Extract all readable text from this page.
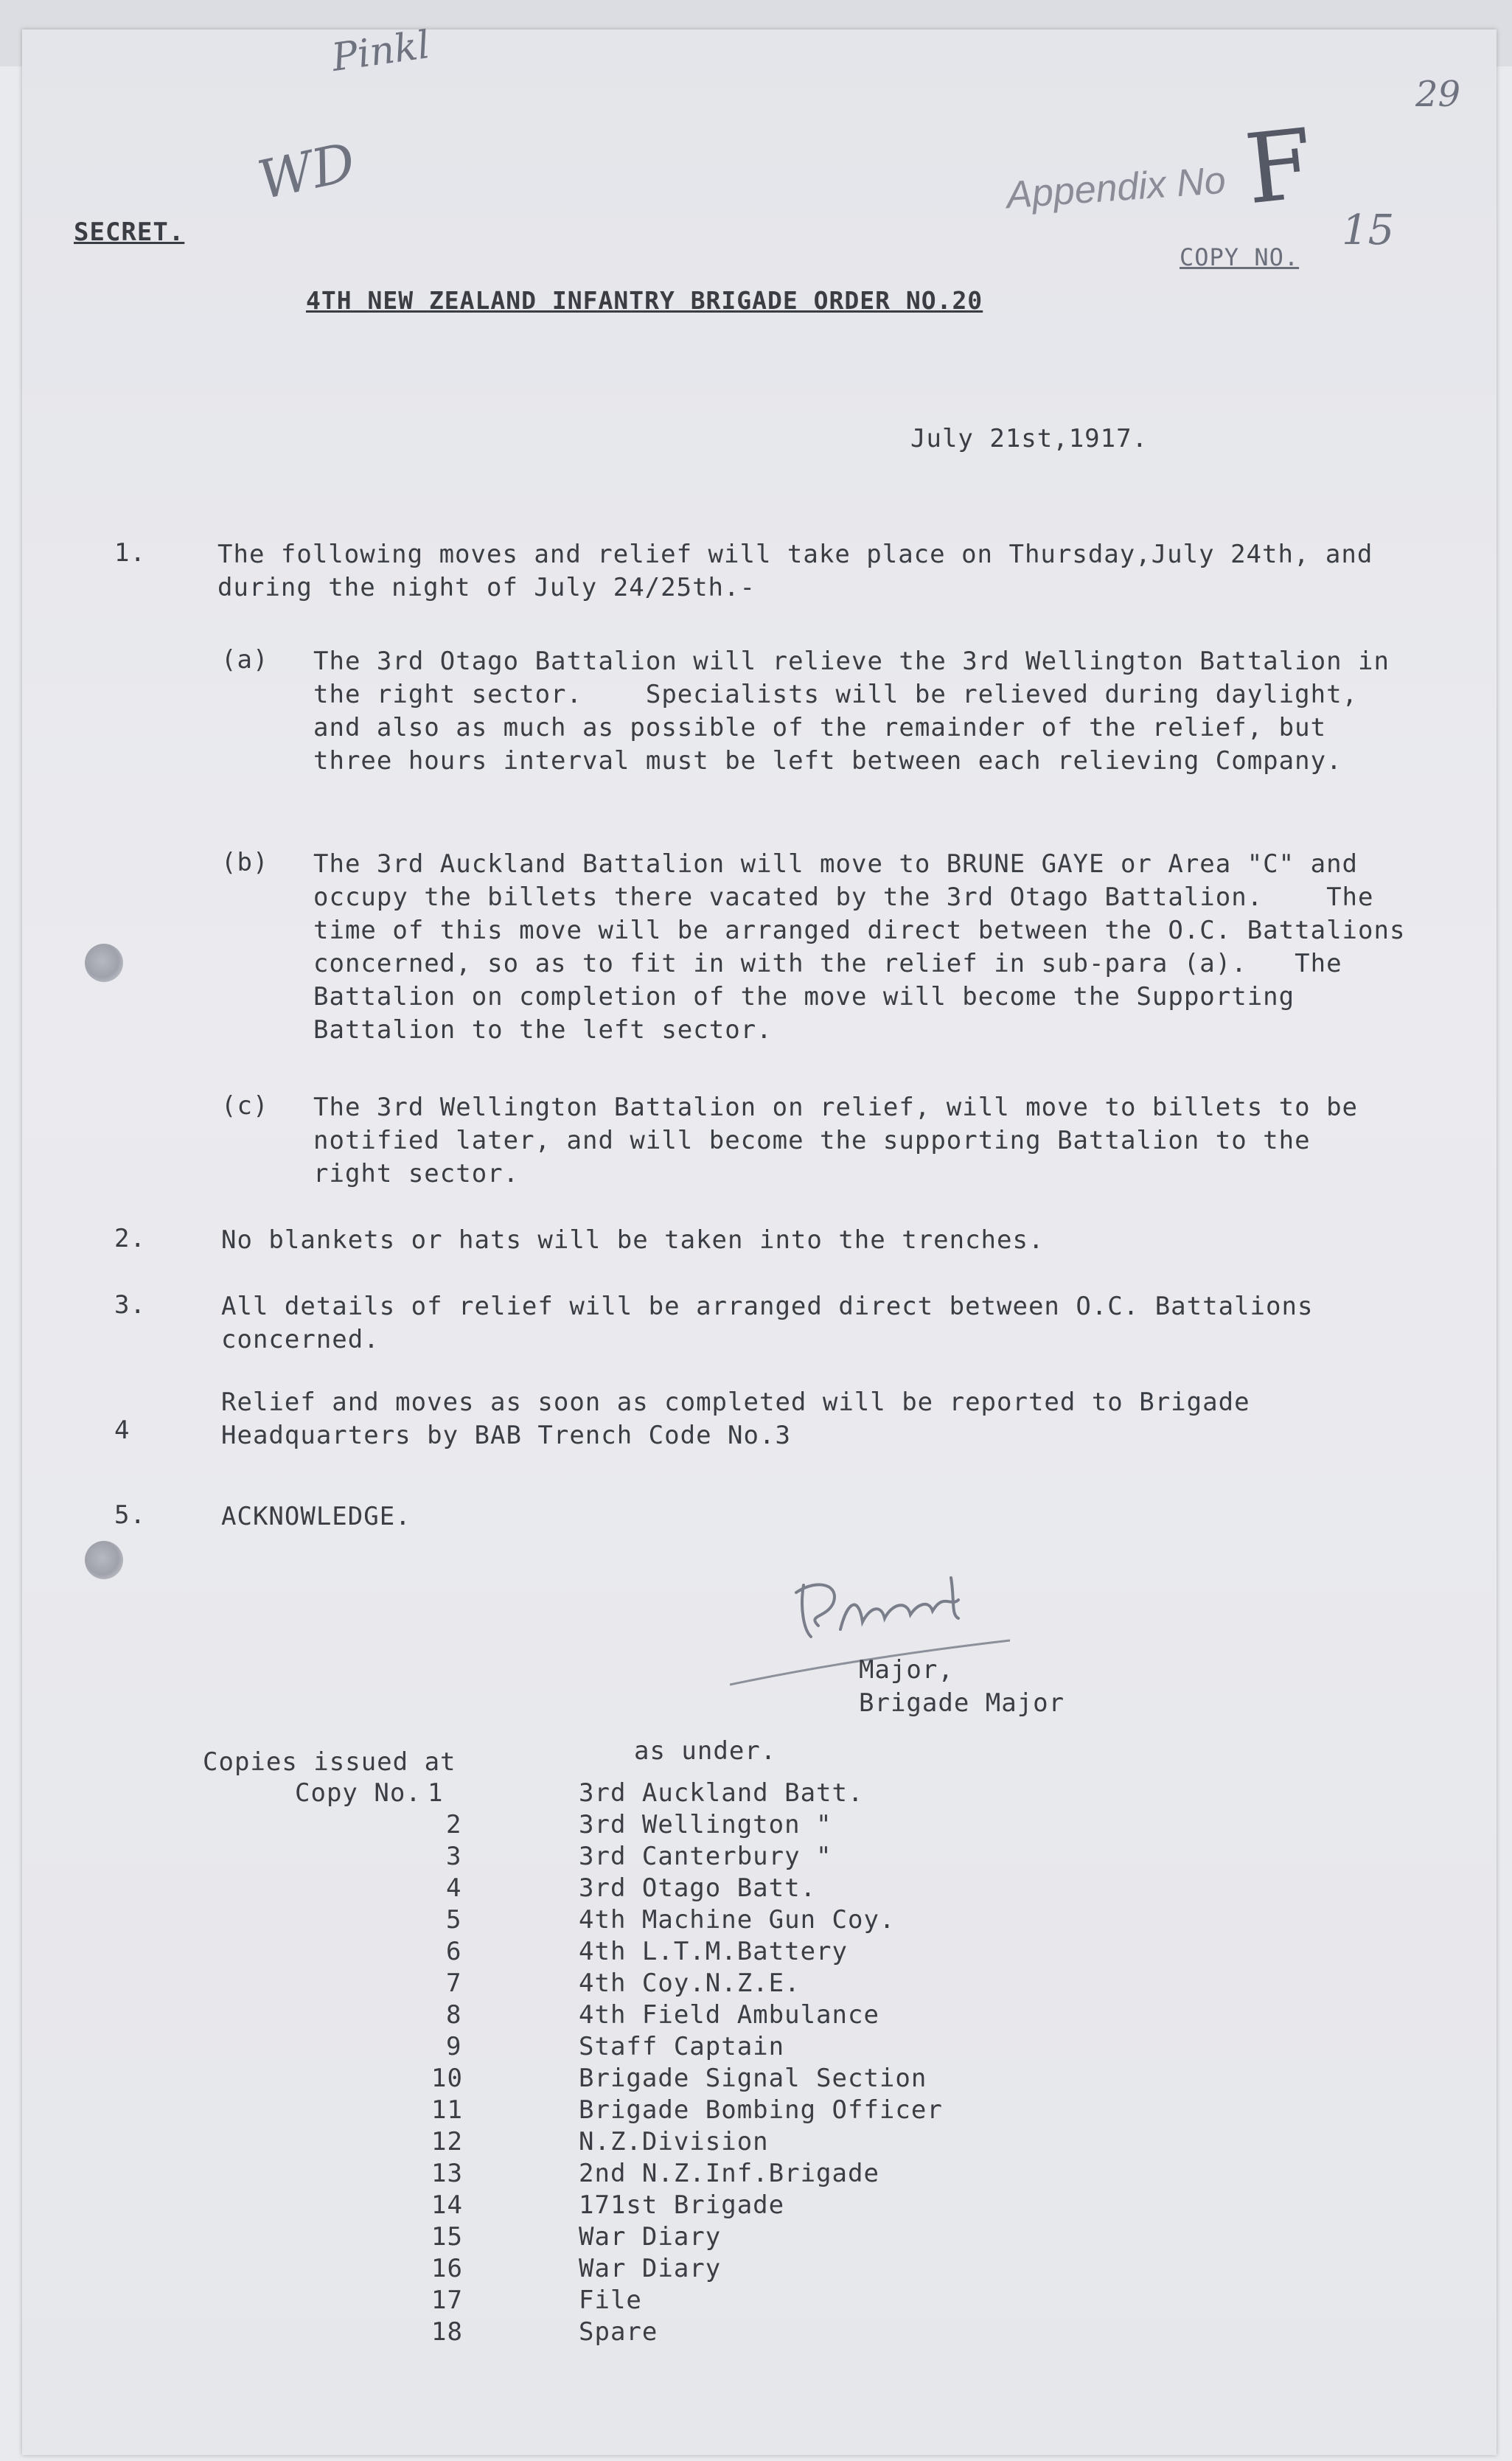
Pinkl
WD
29
SECRET.
Appendix No F
COPY NO.
15
4TH NEW ZEALAND INFANTRY BRIGADE ORDER NO.20
July 21st,1917.
1.	The following moves and relief will take place on Thursday,July 24th, and during the night of July 24/25th.-
(a) The 3rd Otago Battalion will relieve the 3rd Wellington Battalion in the right sector.    Specialists will be relieved during daylight, and also as much as possible of the remainder of the relief, but three hours interval must be left between each relieving Company.
(b) The 3rd Auckland Battalion will move to BRUNE GAYE or Area "C" and occupy the billets there vacated by the 3rd Otago Battalion.    The time of this move will be arranged direct between the O.C. Battalions concerned, so as to fit in with the relief in sub-para (a).   The Battalion on completion of the move will become the Supporting Battalion to the left sector.
(c) The 3rd Wellington Battalion on relief, will move to billets to be notified later, and will become the supporting Battalion to the right sector.
2.	No blankets or hats will be taken into the trenches.
3.	All details of relief will be arranged direct between O.C. Battalions concerned.
4
Relief and moves as soon as completed will be reported to Brigade Headquarters by BAB Trench Code No.3
5.	ACKNOWLEDGE.
Major,
Brigade Major
Copies issued at	as under.
Copy No. 1	3rd Auckland Batt.
2	3rd Wellington "
3	3rd Canterbury "
4	3rd Otago Batt.
5	4th Machine Gun Coy.
6	4th L.T.M.Battery
7	4th Coy.N.Z.E.
8	4th Field Ambulance
9	Staff Captain
10	Brigade Signal Section
11	Brigade Bombing Officer
12	N.Z.Division
13	2nd N.Z.Inf.Brigade
14	171st Brigade
15	War Diary
16	War Diary
17	File
18	Spare
